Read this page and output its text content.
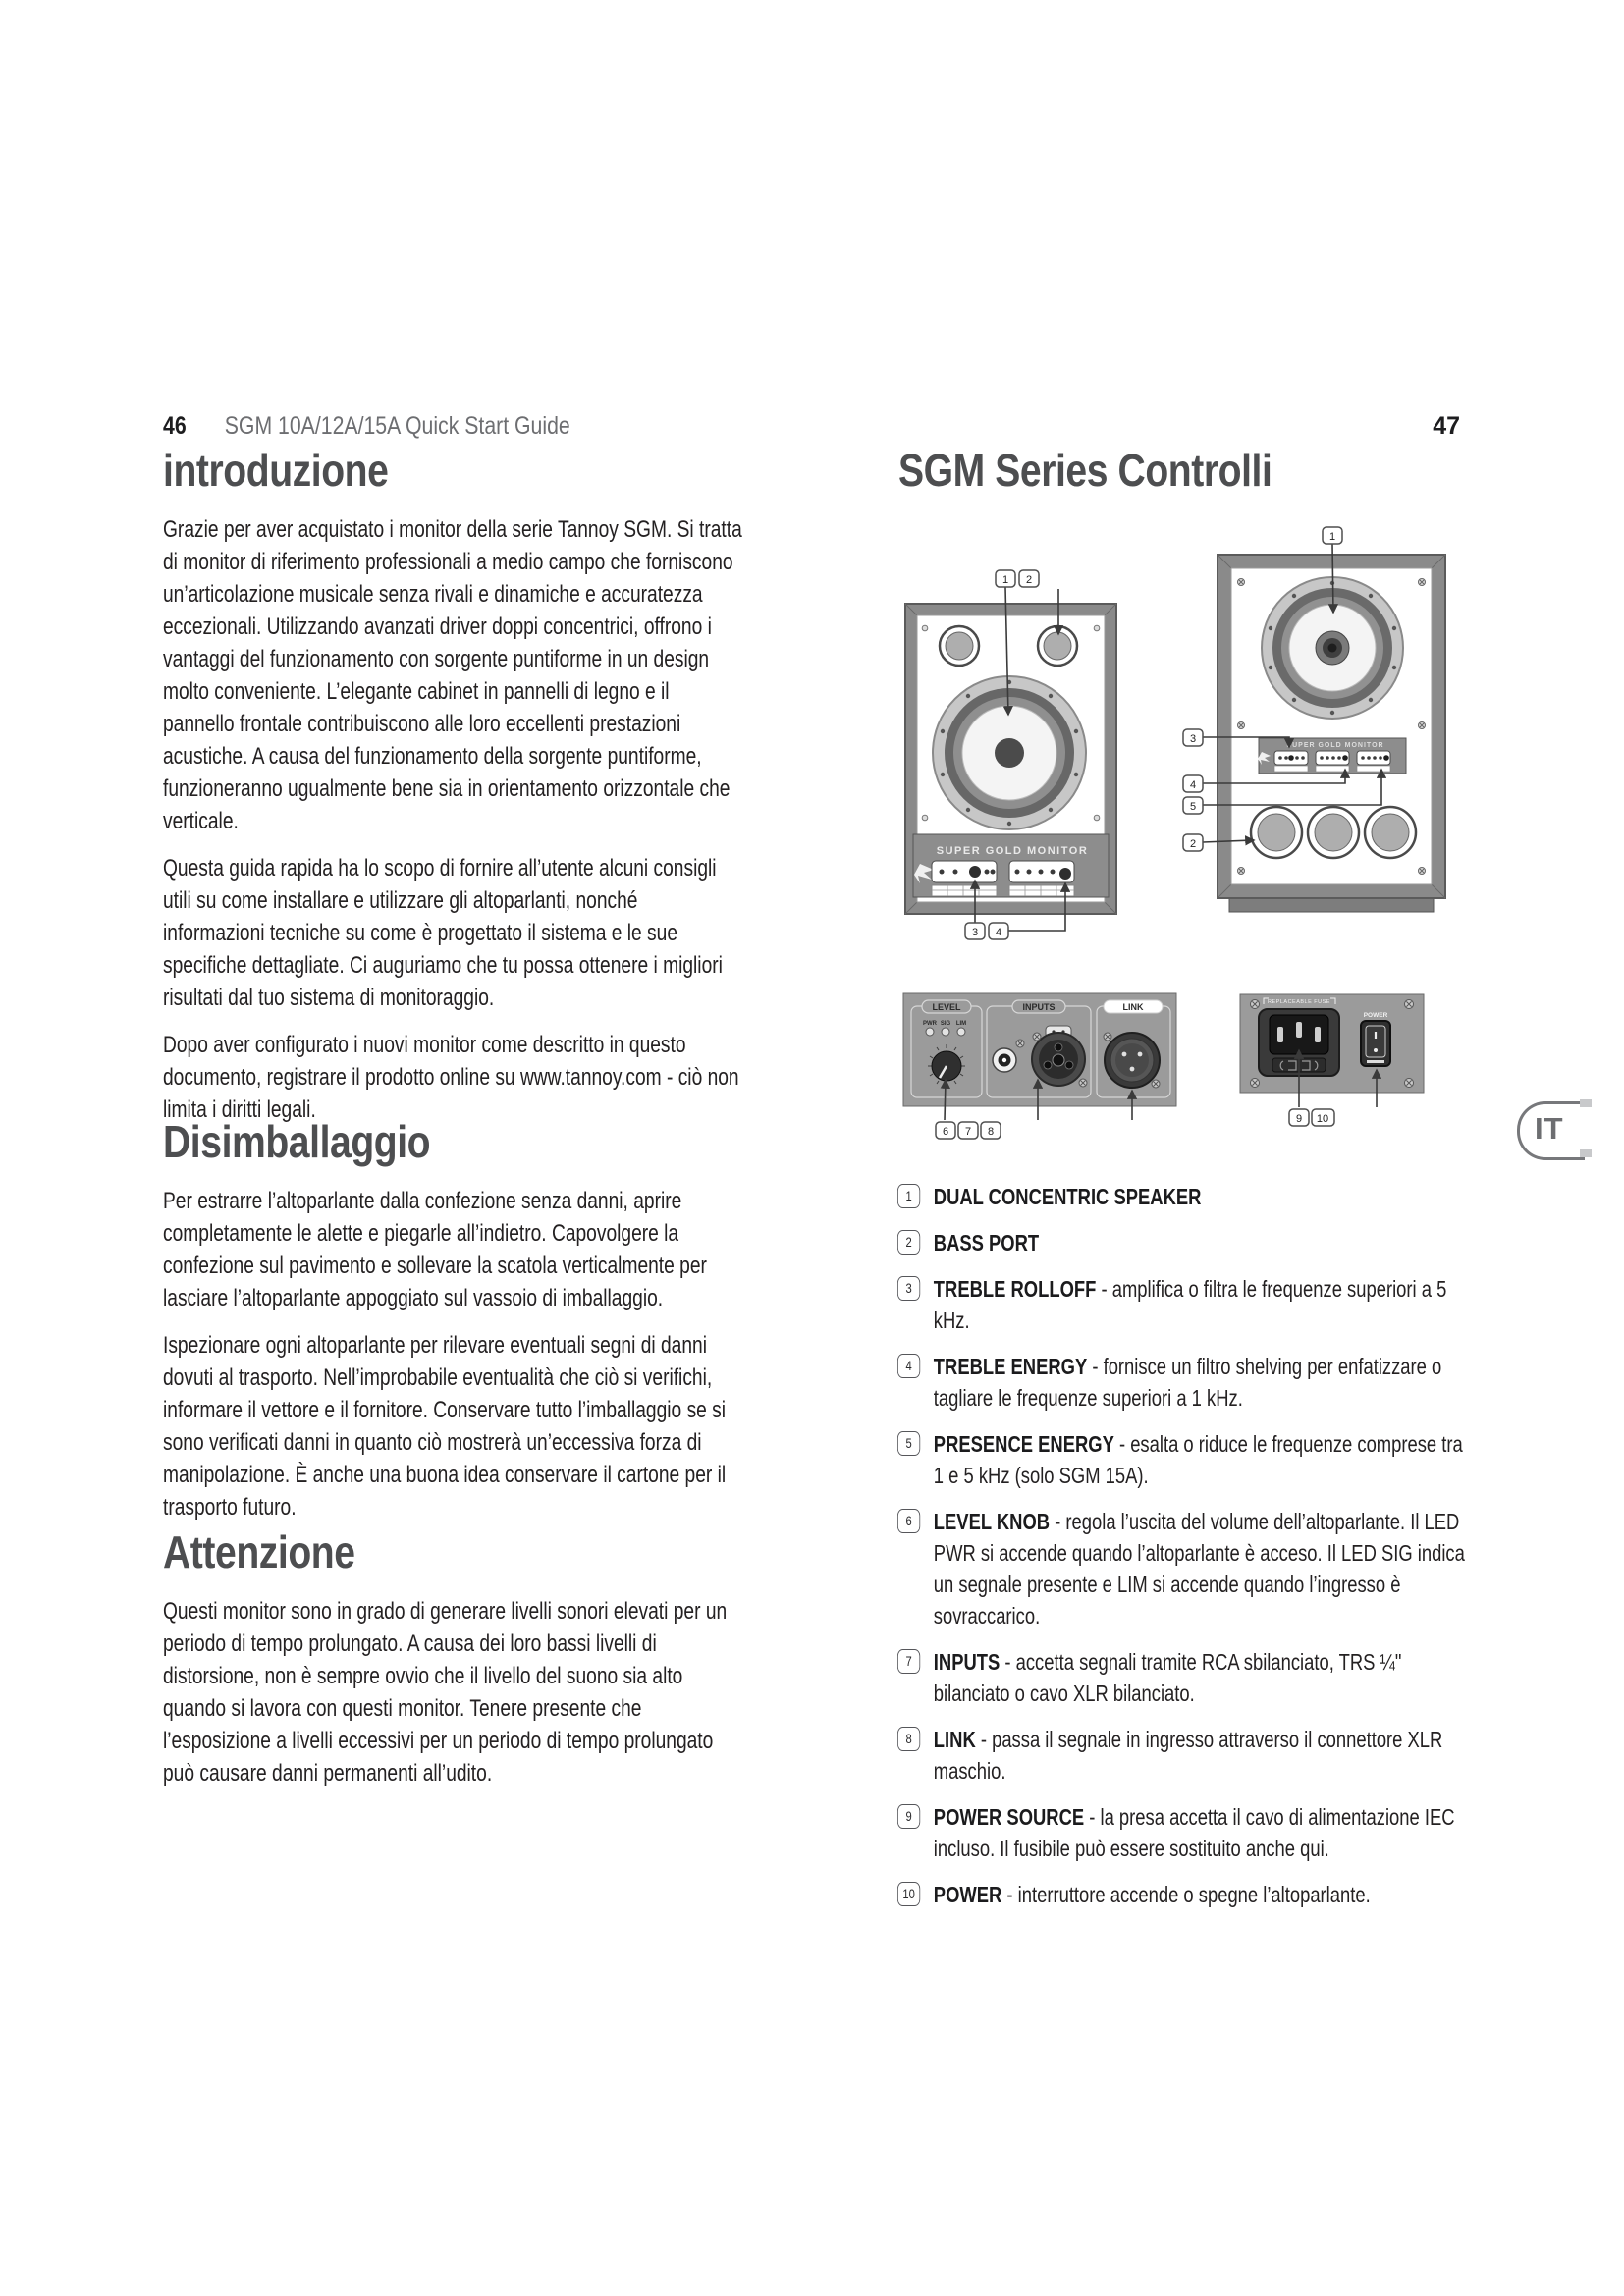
46 SGM 10A/12A/15A Quick Start Guide	47
introduzione

Grazie per aver acquistato i monitor della serie Tannoy SGM. Si tratta di monitor di riferimento professionali a medio campo che forniscono un’articolazione musicale senza rivali e dinamiche e accuratezza eccezionali. Utilizzando avanzati driver doppi concentrici, offrono i vantaggi del funzionamento con sorgente puntiforme in un design molto conveniente. L’elegante cabinet in pannelli di legno e il pannello frontale contribuiscono alle loro eccellenti prestazioni acustiche. A causa del funzionamento della sorgente puntiforme, funzioneranno ugualmente bene sia in orientamento orizzontale che verticale.

Questa guida rapida ha lo scopo di fornire all’utente alcuni consigli utili su come installare e utilizzare gli altoparlanti, nonché informazioni tecniche su come è progettato il sistema e le sue specifiche dettagliate. Ci auguriamo che tu possa ottenere i migliori risultati dal tuo sistema di monitoraggio.

Dopo aver configurato i nuovi monitor come descritto in questo documento, registrare il prodotto online su www.tannoy.com - ciò non limita i diritti legali.

Disimballaggio

Per estrarre l’altoparlante dalla confezione senza danni, aprire completamente le alette e piegarle all’indietro. Capovolgere la confezione sul pavimento e sollevare la scatola verticalmente per lasciare l’altoparlante appoggiato sul vassoio di imballaggio.

Ispezionare ogni altoparlante per rilevare eventuali segni di danni dovuti al trasporto. Nell’improbabile eventualità che ciò si verifichi, informare il vettore e il fornitore. Conservare tutto l’imballaggio se si sono verificati danni in quanto ciò mostrerà un’eccessiva forza di manipolazione. È anche una buona idea conservare il cartone per il trasporto futuro.

Attenzione

Questi monitor sono in grado di generare livelli sonori elevati per un periodo di tempo prolungato. A causa dei loro bassi livelli di distorsione, non è sempre ovvio che il livello del suono sia alto quando si lavora con questi monitor. Tenere presente che l’esposizione a livelli eccessivi per un periodo di tempo prolungato può causare danni permanenti all’udito.

SGM Series Controlli
SUPER GOLD MONITOR
1 2
3 4
SUPER GOLD MONITOR
1
3
4
5
2
LEVEL
PWR SIG LIM
INPUTS	LINK
6 7 8
REPLACEABLE FUSE
POWER
9 10	IT
1 DUAL CONCENTRIC SPEAKER
2 BASS PORT
3 TREBLE ROLLOFF - amplifica o filtra le frequenze superiori a 5 kHz.
4 TREBLE ENERGY - fornisce un filtro shelving per enfatizzare o tagliare le frequenze superiori a 1 kHz.
5 PRESENCE ENERGY - esalta o riduce le frequenze comprese tra 1 e 5 kHz (solo SGM 15A).
6 LEVEL KNOB - regola l’uscita del volume dell’altoparlante. Il LED PWR si accende quando l’altoparlante è acceso. Il LED SIG indica un segnale presente e LIM si accende quando l’ingresso è sovraccarico.
7 INPUTS - accetta segnali tramite RCA sbilanciato, TRS ¼" bilanciato o cavo XLR bilanciato.
8 LINK - passa il segnale in ingresso attraverso il connettore XLR maschio.
9 POWER SOURCE - la presa accetta il cavo di alimentazione IEC incluso. Il fusibile può essere sostituito anche qui.
10 POWER - interruttore accende o spegne l’altoparlante.
